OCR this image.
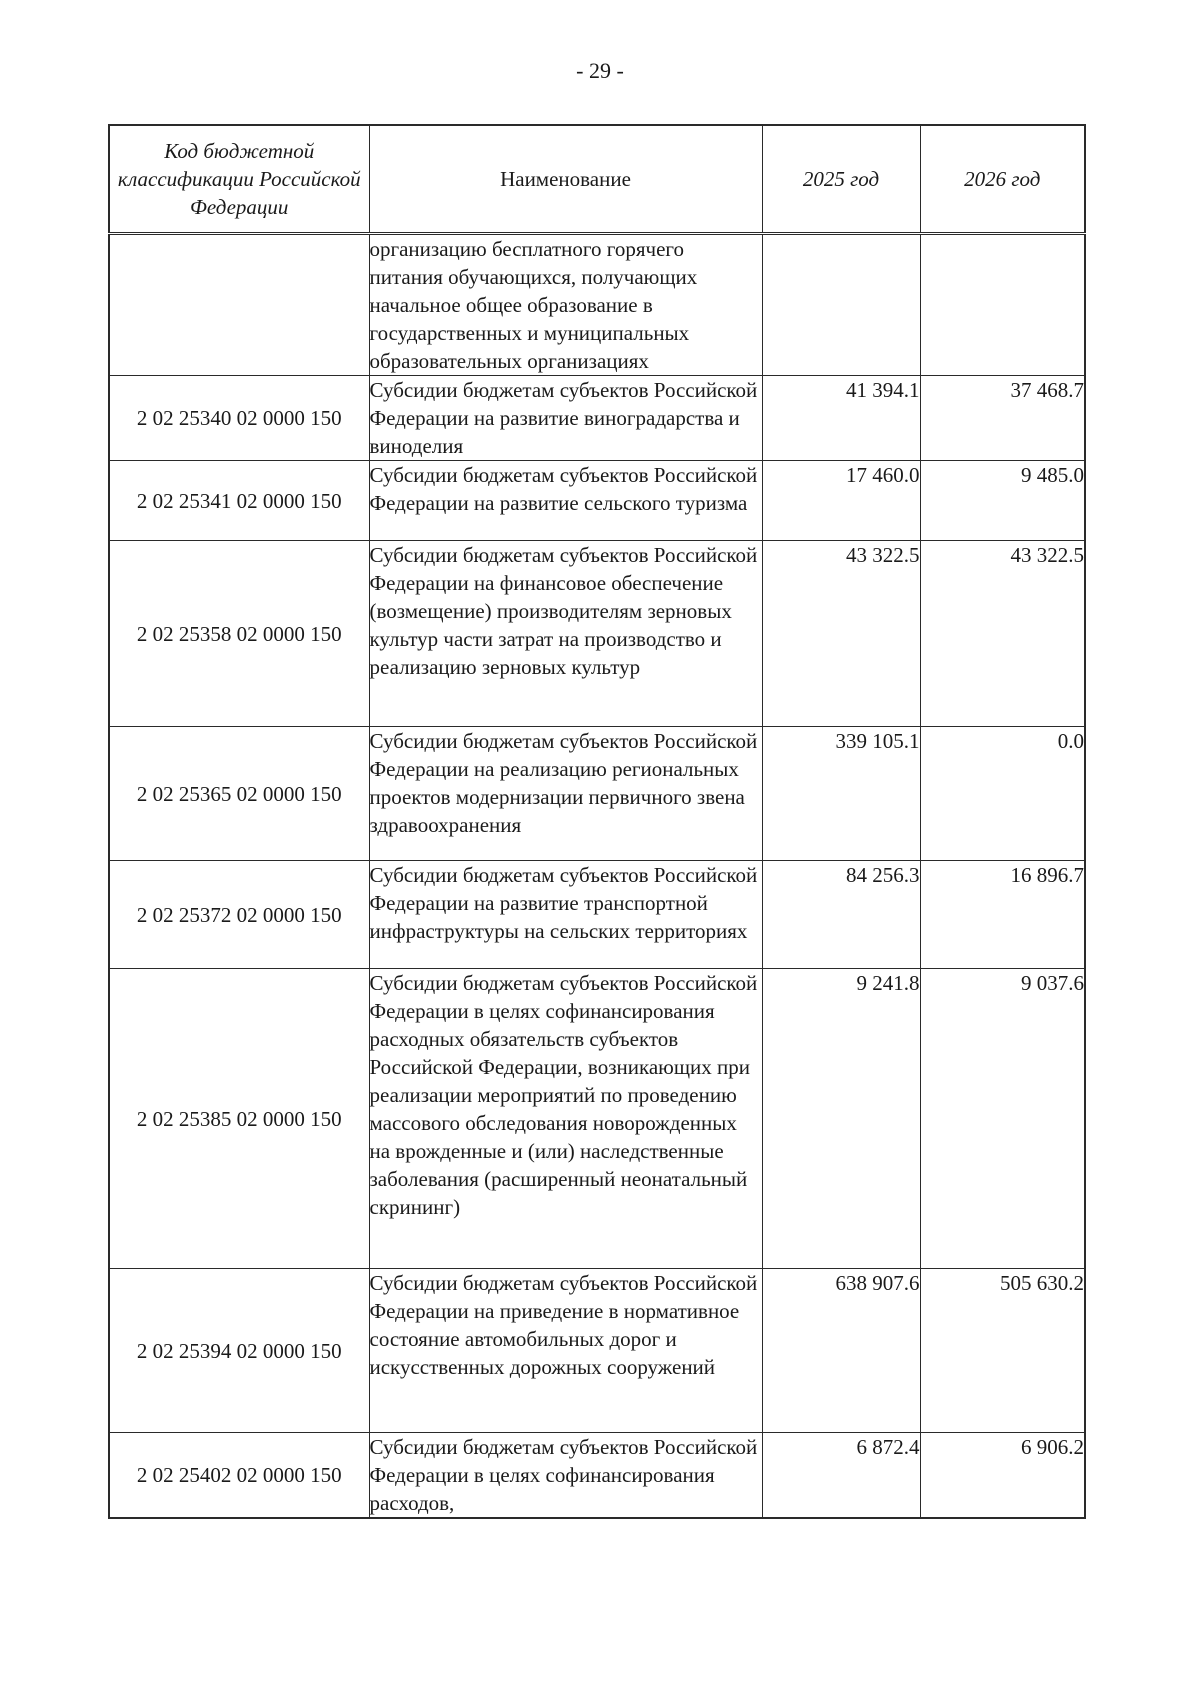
- 29 -
Код бюджетной классификации Российской Федерации	Наименование	2025 год	2026 год
	организацию бесплатного горячего питания обучающихся, получающих начальное общее образование в государственных и муниципальных образовательных организациях		
2 02 25340 02 0000 150	Субсидии бюджетам субъектов Российской Федерации на развитие виноградарства и виноделия	41 394.1	37 468.7
2 02 25341 02 0000 150	Субсидии бюджетам субъектов Российской Федерации на развитие сельского туризма	17 460.0	9 485.0
2 02 25358 02 0000 150	Субсидии бюджетам субъектов Российской Федерации на финансовое обеспечение (возмещение) производителям зерновых культур части затрат на производство и реализацию зерновых культур	43 322.5	43 322.5
2 02 25365 02 0000 150	Субсидии бюджетам субъектов Российской Федерации на реализацию региональных проектов модернизации первичного звена здравоохранения	339 105.1	0.0
2 02 25372 02 0000 150	Субсидии бюджетам субъектов Российской Федерации на развитие транспортной инфраструктуры на сельских территориях	84 256.3	16 896.7
2 02 25385 02 0000 150	Субсидии бюджетам субъектов Российской Федерации в целях софинансирования расходных обязательств субъектов Российской Федерации, возникающих при реализации мероприятий по проведению массового обследования новорожденных на врожденные и (или) наследственные заболевания (расширенный неонатальный скрининг)	9 241.8	9 037.6
2 02 25394 02 0000 150	Субсидии бюджетам субъектов Российской Федерации на приведение в нормативное состояние автомобильных дорог и искусственных дорожных сооружений	638 907.6	505 630.2
2 02 25402 02 0000 150	Субсидии бюджетам субъектов Российской Федерации в целях софинансирования расходов,	6 872.4	6 906.2
